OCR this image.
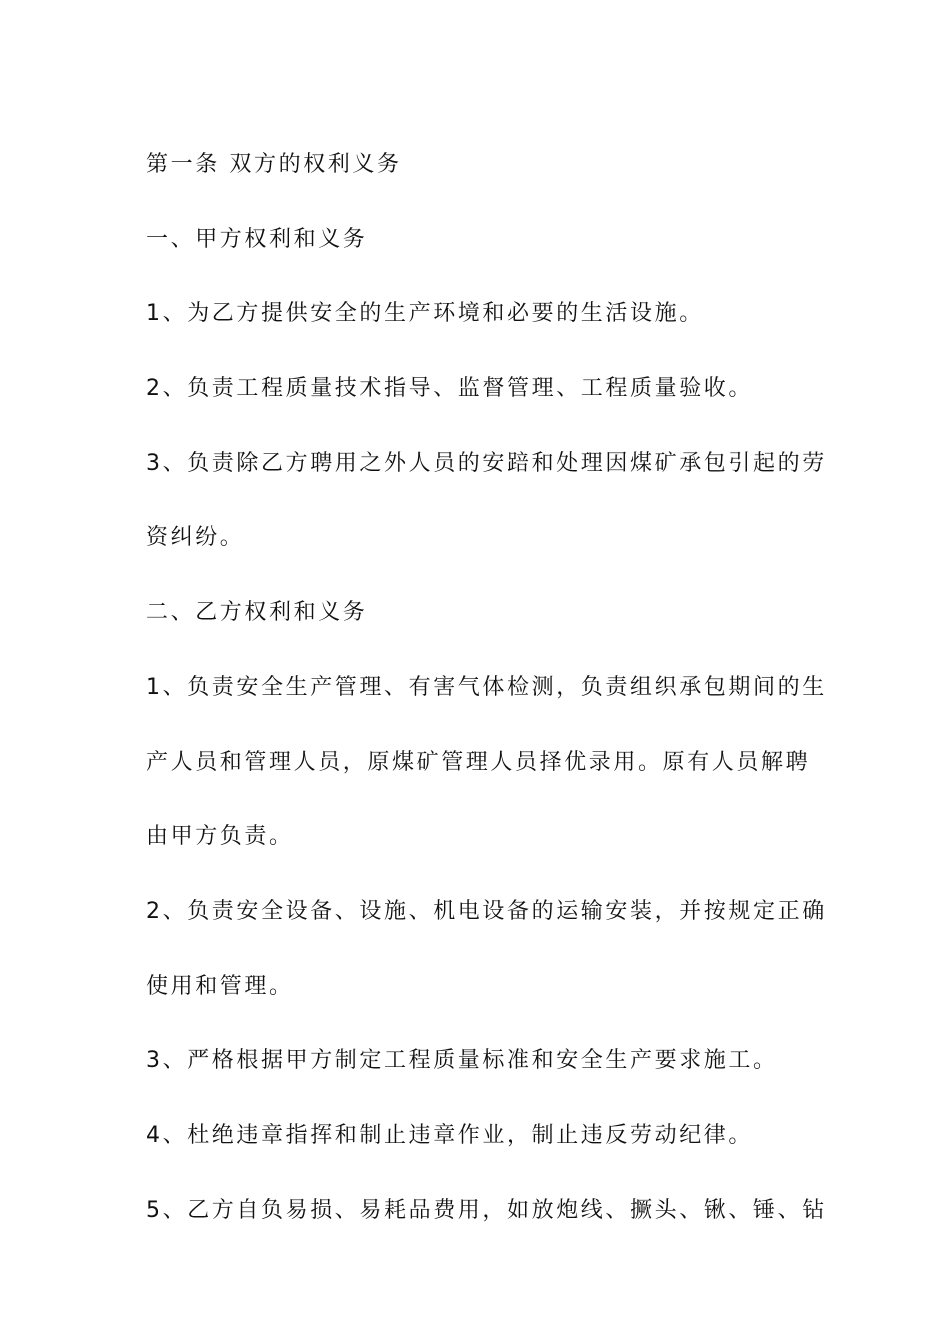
第一条 双方的权利义务
一、甲方权利和义务
1、为乙方提供安全的生产环境和必要的生活设施。
2、负责工程质量技术指导、监督管理、工程质量验收。
3、负责除乙方聘用之外人员的安踣和处理因煤矿承包引起的劳
资纠纷。
二、乙方权利和义务
1、负责安全生产管理、有害气体检测，负责组织承包期间的生
产人员和管理人员，原煤矿管理人员择优录用。原有人员解聘
由甲方负责。
2、负责安全设备、设施、机电设备的运输安装，并按规定正确
使用和管理。
3、严格根据甲方制定工程质量标准和安全生产要求施工。
4、杜绝违章指挥和制止违章作业，制止违反劳动纪律。
5、乙方自负易损、易耗品费用，如放炮线、撅头、锹、锤、钻
